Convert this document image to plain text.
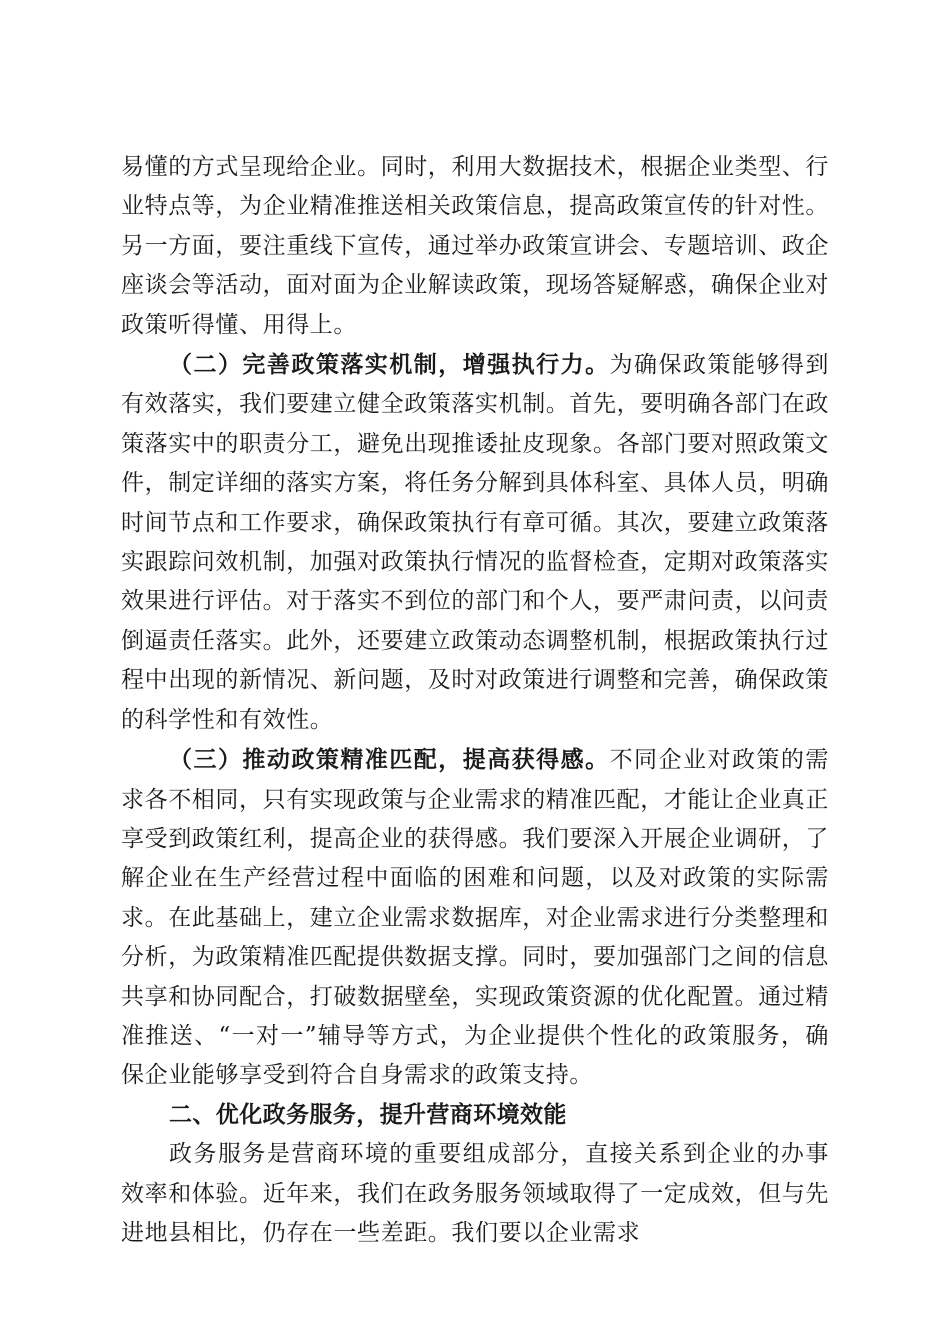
易懂的方式呈现给企业。同时，利用大数据技术，根据企业类型、行业特点等，为企业精准推送相关政策信息，提高政策宣传的针对性。另一方面，要注重线下宣传，通过举办政策宣讲会、专题培训、政企座谈会等活动，面对面为企业解读政策，现场答疑解惑，确保企业对政策听得懂、用得上。

（二）完善政策落实机制，增强执行力。为确保政策能够得到有效落实，我们要建立健全政策落实机制。首先，要明确各部门在政策落实中的职责分工，避免出现推诿扯皮现象。各部门要对照政策文件，制定详细的落实方案，将任务分解到具体科室、具体人员，明确时间节点和工作要求，确保政策执行有章可循。其次，要建立政策落实跟踪问效机制，加强对政策执行情况的监督检查，定期对政策落实效果进行评估。对于落实不到位的部门和个人，要严肃问责，以问责倒逼责任落实。此外，还要建立政策动态调整机制，根据政策执行过程中出现的新情况、新问题，及时对政策进行调整和完善，确保政策的科学性和有效性。

（三）推动政策精准匹配，提高获得感。不同企业对政策的需求各不相同，只有实现政策与企业需求的精准匹配，才能让企业真正享受到政策红利，提高企业的获得感。我们要深入开展企业调研，了解企业在生产经营过程中面临的困难和问题，以及对政策的实际需求。在此基础上，建立企业需求数据库，对企业需求进行分类整理和分析，为政策精准匹配提供数据支撑。同时，要加强部门之间的信息共享和协同配合，打破数据壁垒，实现政策资源的优化配置。通过精准推送、“一对一”辅导等方式，为企业提供个性化的政策服务，确保企业能够享受到符合自身需求的政策支持。

二、优化政务服务，提升营商环境效能

政务服务是营商环境的重要组成部分，直接关系到企业的办事效率和体验。近年来，我们在政务服务领域取得了一定成效，但与先进地县相比，仍存在一些差距。我们要以企业需求
